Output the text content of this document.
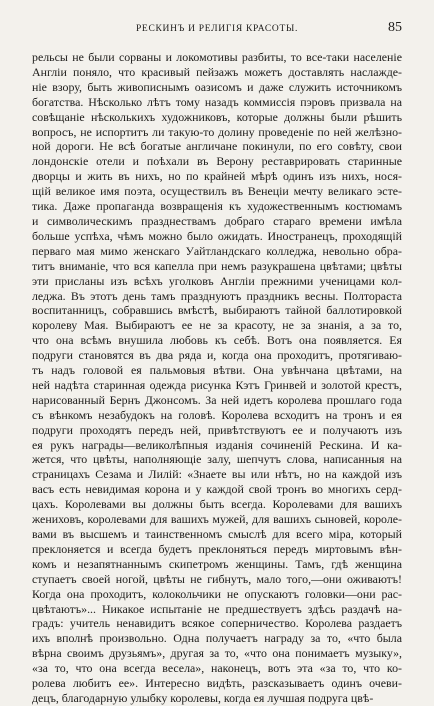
РЕСКИНЪ И РЕЛИГІЯ КРАСОТЫ.	85
рельсы не были сорваны и локомотивы разбиты, то все-таки населеніе
Англіи поняло, что красивый пейзажъ можетъ доставлять наслажде-
ніе взору, быть живописнымъ оазисомъ и даже служить источникомъ
богатства. Нѣсколько лѣтъ тому назадъ коммиссія пэровъ призвала на
совѣщаніе нѣсколькихъ художниковъ, которые должны были рѣшить
вопросъ, не испортитъ ли такую-то долину проведеніе по ней желѣзно-
ной дороги. Не всѣ богатые англичане покинули, по его совѣту, свои
лондонскіе отели и поѣхали въ Верону реставрировать старинные
дворцы и жить въ нихъ, но по крайней мѣрѣ одинъ изъ нихъ, нося-
щій великое имя поэта, осуществилъ въ Венеціи мечту великаго эсте-
тика. Даже пропаганда возвращенія къ художественнымъ костюмамъ
и символическимъ празднествамъ добраго стараго времени имѣла
больше успѣха, чѣмъ можно было ожидать. Иностранецъ, проходящій
перваго мая мимо женскаго Уайтландскаго колледжа, невольно обра-
титъ вниманіе, что вся капелла при немъ разукрашена цвѣтами; цвѣты
эти присланы изъ всѣхъ уголковъ Англіи прежними ученицами кол-
леджа. Въ этотъ день тамъ празднуютъ праздникъ весны. Полтораста
воспитанницъ, собравшись вмѣстѣ, выбираютъ тайной баллотировкой
королеву Мая. Выбираютъ ее не за красоту, не за знанія, а за то,
что она всѣмъ внушила любовь къ себѣ. Вотъ она появляется. Ея
подруги становятся въ два ряда и, когда она проходитъ, протягиваю-
тъ надъ головой ея пальмовыя вѣтви. Она увѣнчана цвѣтами, на
ней надѣта старинная одежда рисунка Кэтъ Гринвей и золотой крестъ,
нарисованный Бернъ Джонсомъ. За ней идетъ королева прошлаго года
съ вѣнкомъ незабудокъ на головѣ. Королева всходитъ на тронъ и ея
подруги проходятъ передъ ней, привѣтствуютъ ее и получаютъ изъ
ея рукъ награды—великолѣпныя изданія сочиненій Рескина. И ка-
жется, что цвѣты, наполняющіе залу, шепчутъ слова, написанныя на
страницахъ Сезама и Лилій: «Знаете вы или нѣтъ, но на каждой изъ
васъ есть невидимая корона и у каждой свой тронъ во многихъ серд-
цахъ. Королевами вы должны быть всегда. Королевами для вашихъ
жениховъ, королевами для вашихъ мужей, для вашихъ сыновей, короле-
вами въ высшемъ и таинственномъ смыслѣ для всего міра, который
преклоняется и всегда будетъ преклоняться передъ миртовымъ вѣн-
комъ и незапятнаннымъ скипетромъ женщины. Тамъ, гдѣ женщина
ступаетъ своей ногой, цвѣты не гибнутъ, мало того,—они оживаютъ!
Когда она проходитъ, колокольчики не опускаютъ головки—они рас-
цвѣтаютъ»... Никакое испытаніе не предшествуетъ здѣсь раздачѣ на-
градъ: учитель ненавидитъ всякое соперничество. Королева раздаетъ
ихъ вполнѣ произвольно. Одна получаетъ награду за то, «что была
вѣрна своимъ друзьямъ», другая за то, «что она понимаетъ музыку»,
«за то, что она всегда весела», наконецъ, вотъ эта «за то, что ко-
ролева любитъ ее». Интересно видѣть, разсказываетъ одинъ очеви-
децъ, благодарную улыбку королевы, когда ея лучшая подруга цвѣ-
